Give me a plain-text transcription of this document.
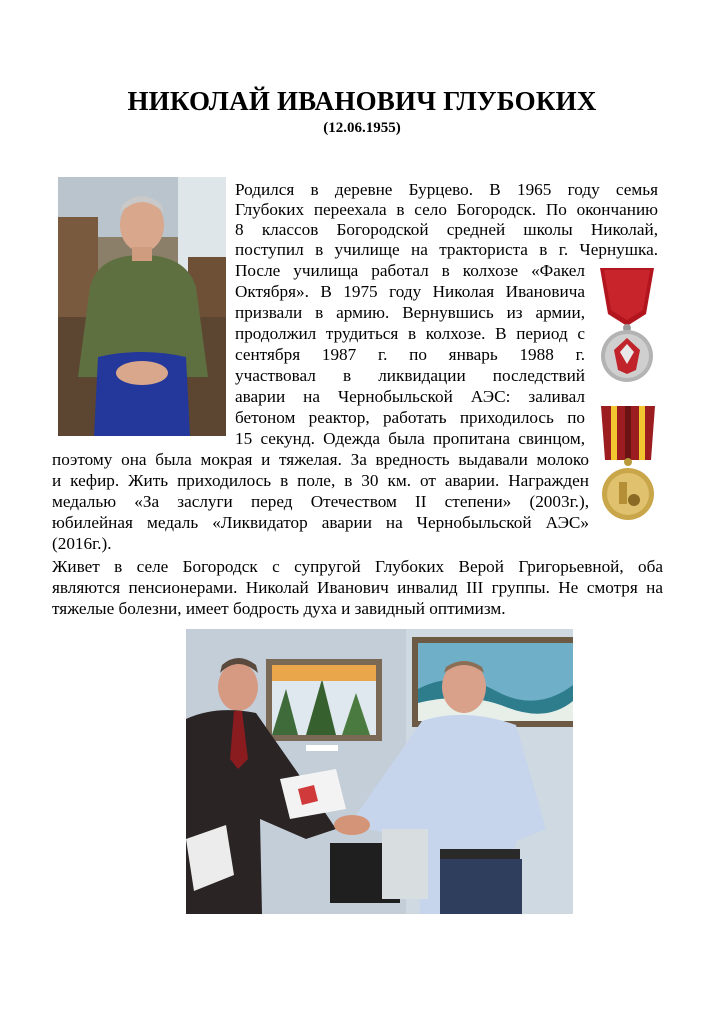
НИКОЛАЙ ИВАНОВИЧ ГЛУБОКИХ
(12.06.1955)
Родился в деревне Бурцево. В 1965 году семья
Глубоких переехала в село Богородск. По окончанию
8 классов Богородской средней школы Николай,
поступил в училище на тракториста в г. Чернушка.
После училища работал в колхозе «Факел
Октября». В 1975 году Николая Ивановича
призвали в армию. Вернувшись из армии,
продолжил трудиться в колхозе. В период с
сентября 1987 г. по январь 1988 г.
участвовал в ликвидации последствий
аварии на Чернобыльской АЭС: заливал
бетоном реактор, работать приходилось по
15 секунд. Одежда была пропитана свинцом,
поэтому она была мокрая и тяжелая. За вредность выдавали молоко
и кефир. Жить приходилось в поле, в 30 км. от аварии. Награжден
медалью «За заслуги перед Отечеством II степени» (2003г.),
юбилейная медаль «Ликвидатор аварии на Чернобыльской АЭС»
(2016г.).
Живет в селе Богородск с супругой Глубоких Верой Григорьевной, оба
являются пенсионерами. Николай Иванович инвалид III группы. Не смотря на
тяжелые болезни, имеет бодрость духа и завидный оптимизм.
